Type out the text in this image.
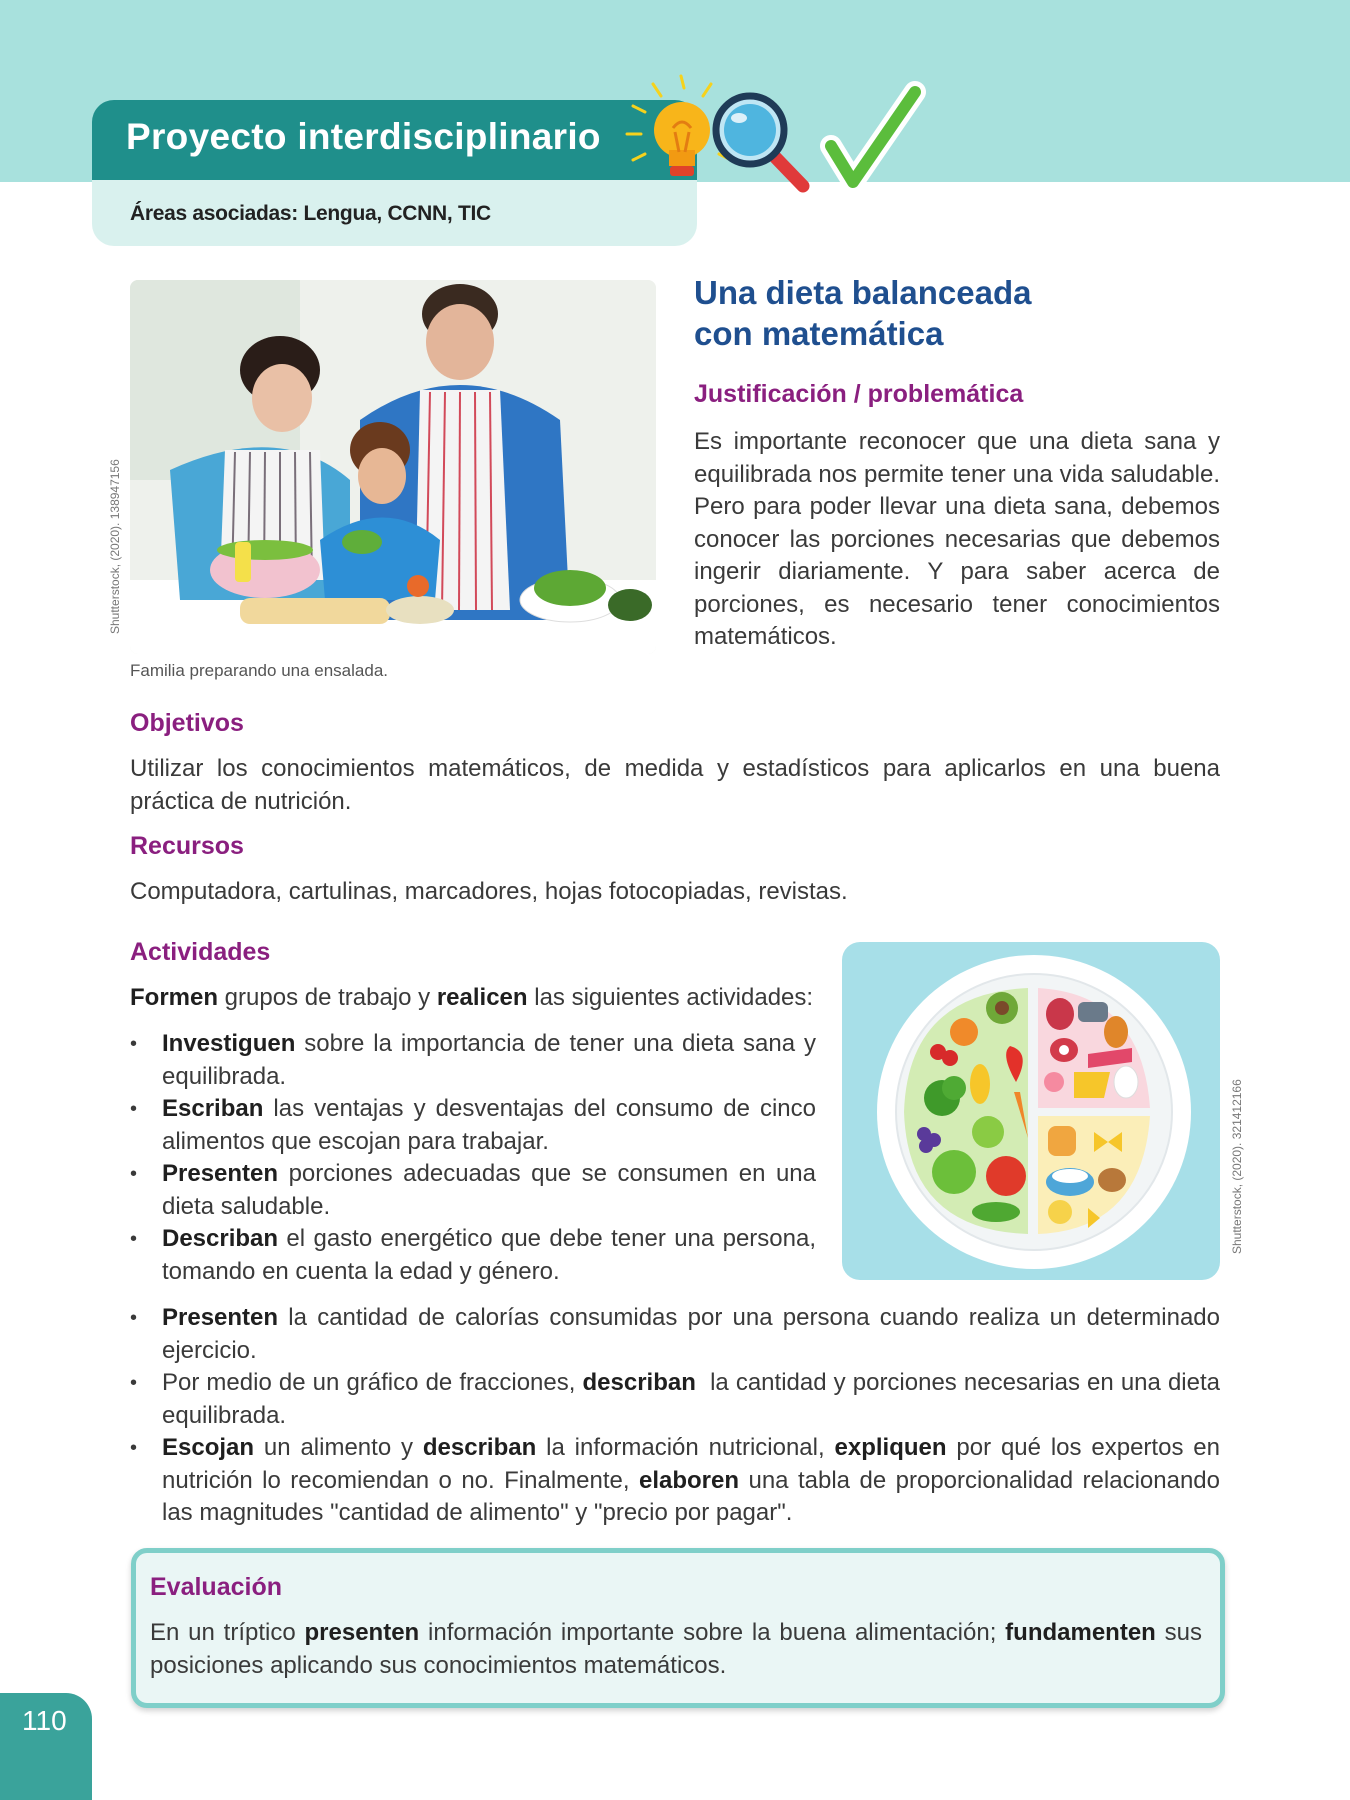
Proyecto interdisciplinario
Áreas asociadas: Lengua, CCNN, TIC
Shutterstock, (2020). 138947156
Familia preparando una ensalada.
Una dieta balanceada
con matemática
Justificación / problemática

Es importante reconocer que una dieta sana y equilibrada nos permite tener una vida saludable. Pero para poder llevar una dieta sana, debemos conocer las porciones necesarias que debemos ingerir diariamente. Y para saber acerca de porciones, es necesario tener conocimientos matemáticos.

Objetivos

Utilizar los conocimientos matemáticos, de medida y estadísticos para aplicarlos en una buena práctica de nutrición.

Recursos

Computadora, cartulinas, marcadores, hojas fotocopiadas, revistas.

Actividades

Formen grupos de trabajo y realicen las siguientes actividades:

• Investiguen sobre la importancia de tener una dieta sana y equilibrada.
• Escriban las ventajas y desventajas del consumo de cinco alimentos que escojan para trabajar.
• Presenten porciones adecuadas que se consumen en una dieta saludable.
• Describan el gasto energético que debe tener una persona, tomando en cuenta la edad y género.
• Presenten la cantidad de calorías consumidas por una persona cuando realiza un determinado ejercicio.
• Por medio de un gráfico de fracciones, describan  la cantidad y porciones necesarias en una dieta equilibrada.
• Escojan un alimento y describan la información nutricional, expliquen por qué los expertos en nutrición lo recomiendan o no. Finalmente, elaboren una tabla de proporcionalidad relacionando las magnitudes "cantidad de alimento" y "precio por pagar".
Shutterstock, (2020). 321412166
Evaluación

En un tríptico presenten información importante sobre la buena alimentación; fundamenten sus posiciones aplicando sus conocimientos matemáticos.

110
